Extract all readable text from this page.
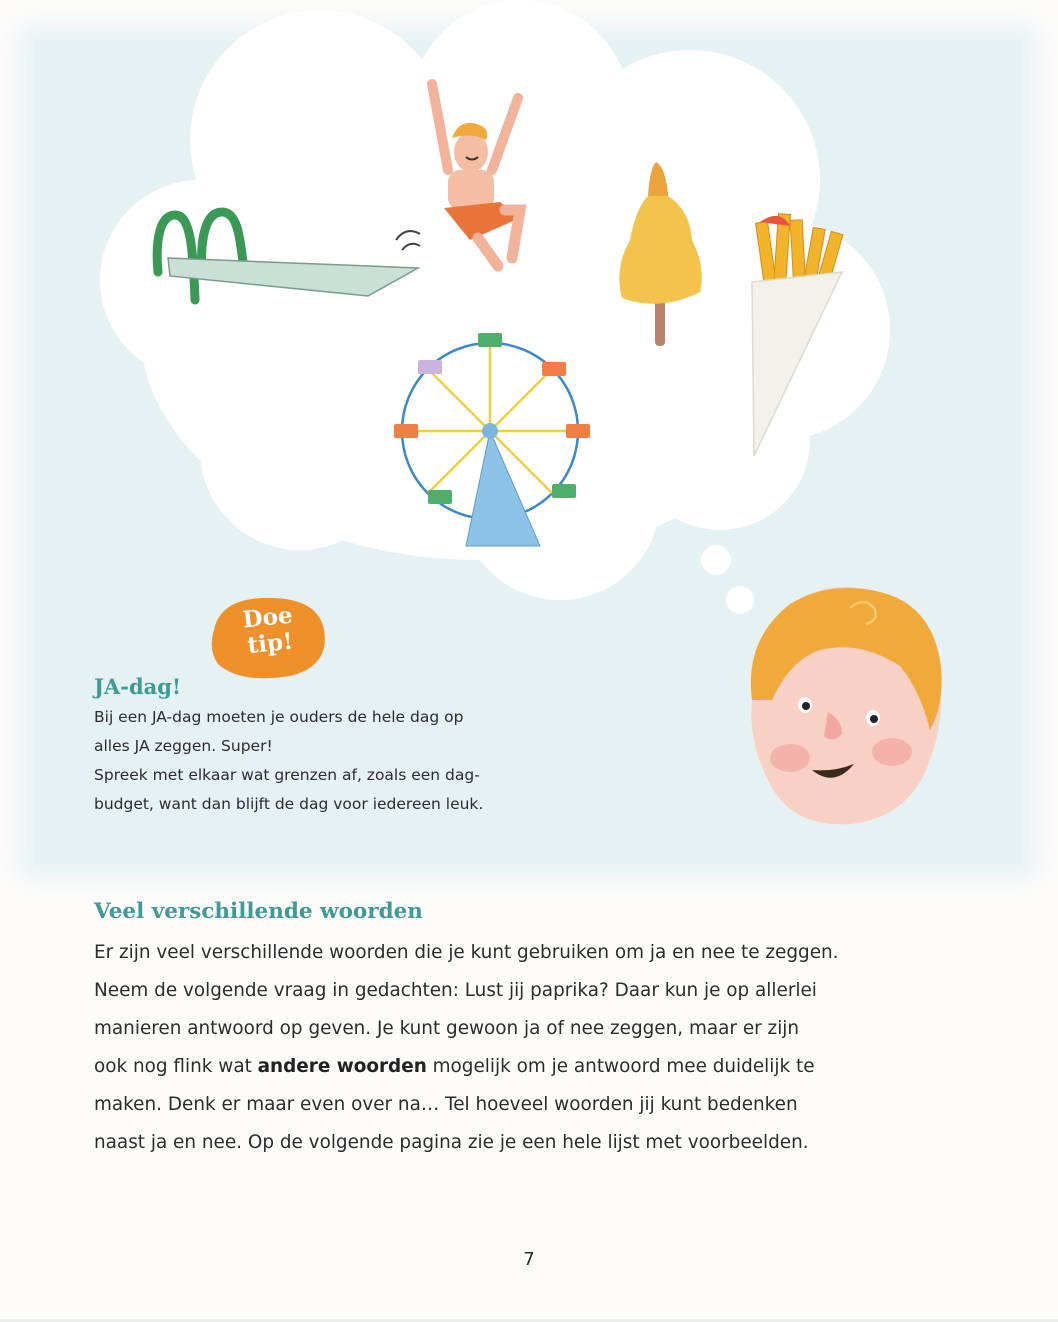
Doe
tip!
JA-dag!
Bij een JA-dag moeten je ouders de hele dag op
alles JA zeggen. Super!
Spreek met elkaar wat grenzen af, zoals een dag-
budget, want dan blijft de dag voor iedereen leuk.
Veel verschillende woorden
Er zijn veel verschillende woorden die je kunt gebruiken om ja en nee te zeggen.
Neem de volgende vraag in gedachten: Lust jij paprika? Daar kun je op allerlei
manieren antwoord op geven. Je kunt gewoon ja of nee zeggen, maar er zijn
ook nog flink wat andere woorden mogelijk om je antwoord mee duidelijk te
maken. Denk er maar even over na… Tel hoeveel woorden jij kunt bedenken
naast ja en nee. Op de volgende pagina zie je een hele lijst met voorbeelden.
7
